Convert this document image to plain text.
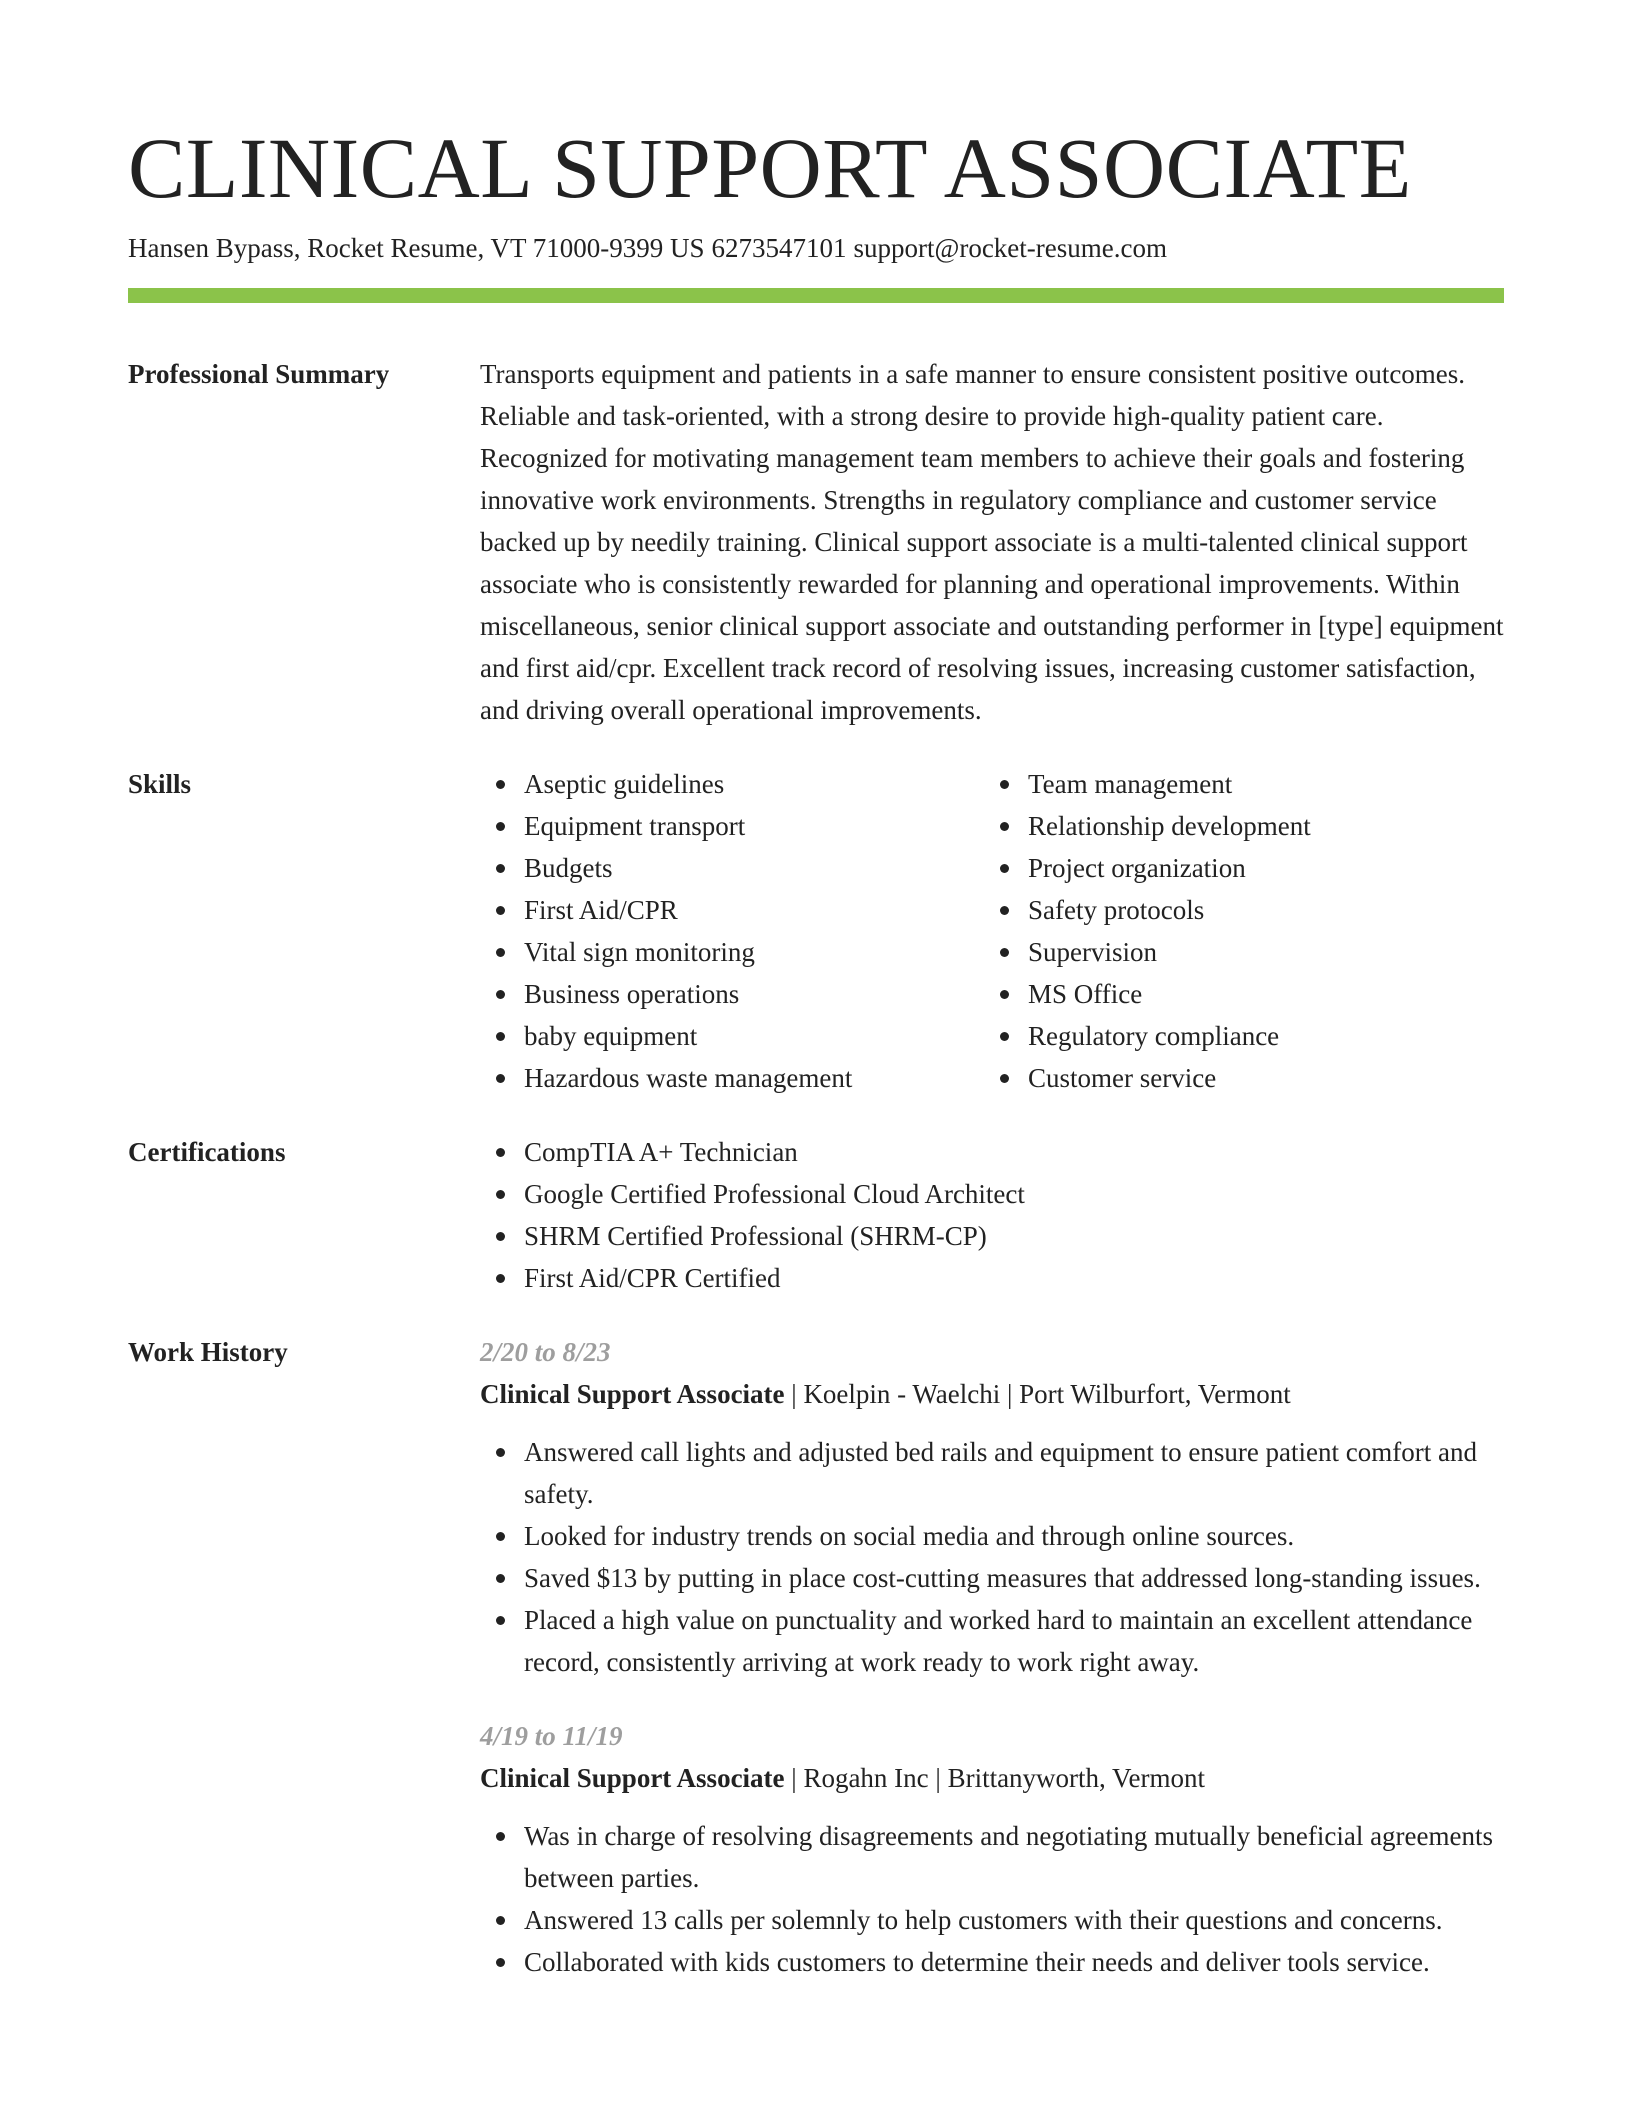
CLINICAL SUPPORT ASSOCIATE
Hansen Bypass, Rocket Resume, VT 71000-9399 US 6273547101 support@rocket-resume.com
Professional Summary	Transports equipment and patients in a safe manner to ensure consistent positive outcomes. Reliable and task-oriented, with a strong desire to provide high-quality patient care. Recognized for motivating management team members to achieve their goals and fostering innovative work environments. Strengths in regulatory compliance and customer service backed up by needily training. Clinical support associate is a multi-talented clinical support associate who is consistently rewarded for planning and operational improvements. Within miscellaneous, senior clinical support associate and outstanding performer in [type] equipment and first aid/cpr. Excellent track record of resolving issues, increasing customer satisfaction, and driving overall operational improvements.
Skills	Aseptic guidelines
Equipment transport
Budgets
First Aid/CPR
Vital sign monitoring
Business operations
baby equipment
Hazardous waste management
Team management
Relationship development
Project organization
Safety protocols
Supervision
MS Office
Regulatory compliance
Customer service
Certifications	CompTIA A+ Technician
Google Certified Professional Cloud Architect
SHRM Certified Professional (SHRM-CP)
First Aid/CPR Certified
Work History	2/20 to 8/23
Clinical Support Associate | Koelpin - Waelchi | Port Wilburfort, Vermont
Answered call lights and adjusted bed rails and equipment to ensure patient comfort and safety.
Looked for industry trends on social media and through online sources.
Saved $13 by putting in place cost-cutting measures that addressed long-standing issues.
Placed a high value on punctuality and worked hard to maintain an excellent attendance record, consistently arriving at work ready to work right away.
4/19 to 11/19
Clinical Support Associate | Rogahn Inc | Brittanyworth, Vermont
Was in charge of resolving disagreements and negotiating mutually beneficial agreements between parties.
Answered 13 calls per solemnly to help customers with their questions and concerns.
Collaborated with kids customers to determine their needs and deliver tools service.
